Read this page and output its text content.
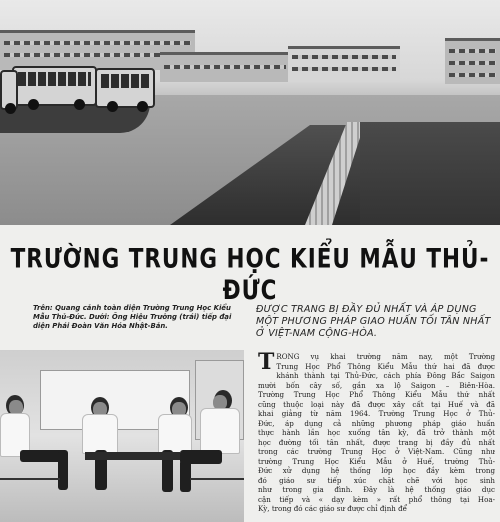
TRƯỜNG TRUNG HỌC KIỂU MẪU THỦ-ĐỨC
Trên: Quang cảnh toàn diện Trường Trung Học Kiểu Mẫu Thủ-Đức. Dưới: Ông Hiệu Trưởng (trái) tiếp đại diện Phái Đoàn Văn Hóa Nhật-Bản.
ĐƯỢC TRANG BỊ ĐẦY ĐỦ NHẤT VÀ ÁP DỤNG MỘT PHƯƠNG PHÁP GIAO HUẤN TỐI TÂN NHẤT Ở VIỆT-NAM CỘNG-HÒA.
T RONG vụ khai trường năm nay, một Trường
Trung Học Phổ Thông Kiểu Mẫu thứ hai đã được
khánh thành tại Thủ-Đức, cách phía Đông Bắc Saigon
mười bốn cây số, gần xa lộ Saigon – Biên-Hòa.
Trường Trung Học Phổ Thông Kiểu Mẫu thứ nhất
cũng thuộc loại này đã được xây cất tại Huế và đã
khai giảng từ năm 1964. Trường Trung Học ở Thủ-
Đức, áp dụng cả những phương pháp giáo huấn
thực hành lần học xuống tân kỳ, đã trở thành một
học đường tối tân nhất, được trang bị đầy đủ nhất
trong các trường Trung Học ở Việt-Nam. Cũng như
trường Trung Học Kiểu Mẫu ở Huế, trường Thủ-
Đức xử dụng hệ thống lớp học đầy kèm trong
đó giáo sư tiếp xúc chặt chẽ với học sinh
như trong gia đình. Đây là hệ thống giáo dục
cận tiếp và « dạy kèm » rất phổ thông tại Hoa-
Kỳ, trong đó các giáo sư được chỉ định để
